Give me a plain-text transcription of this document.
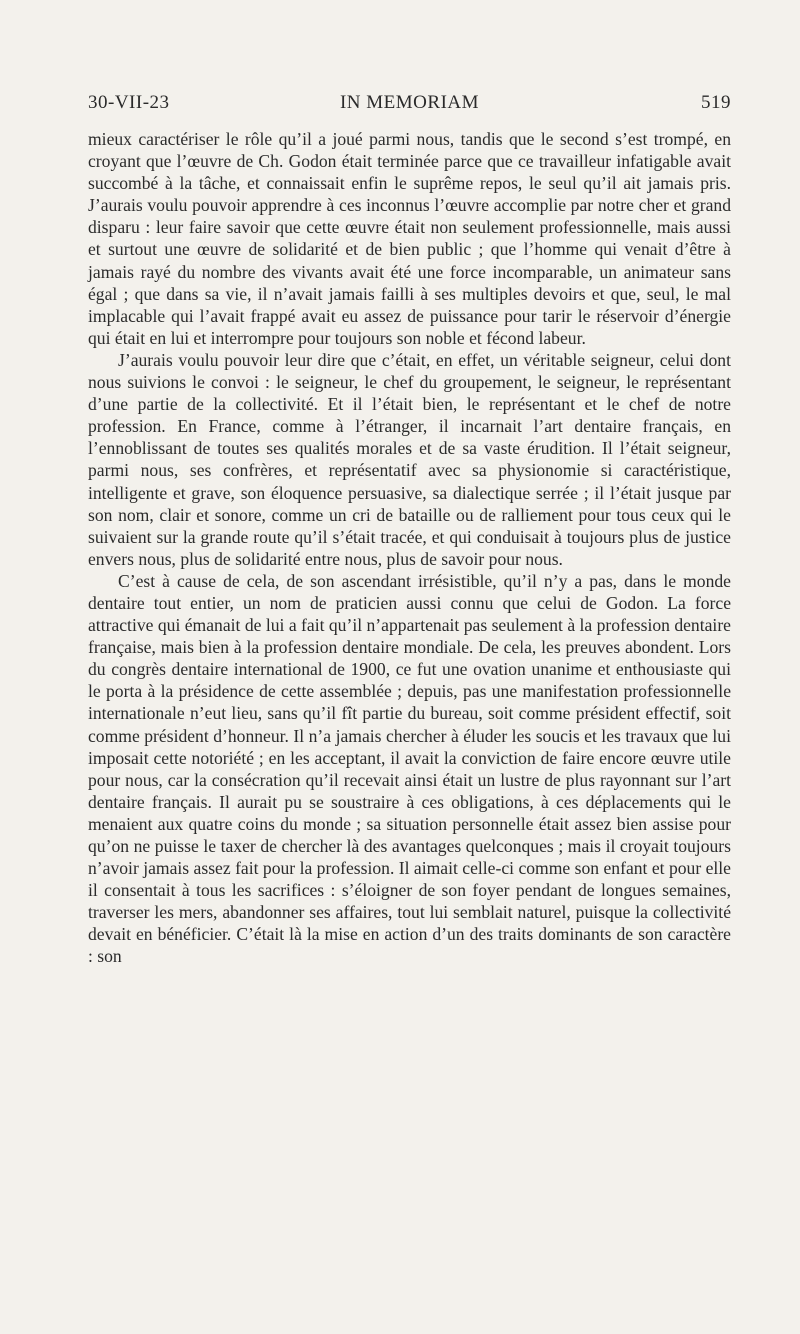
30-VII-23	IN MEMORIAM	519

mieux caractériser le rôle qu’il a joué parmi nous, tandis que le second s’est trompé, en croyant que l’œuvre de Ch. Godon était terminée parce que ce travailleur infatigable avait succombé à la tâche, et connaissait enfin le suprême repos, le seul qu’il ait jamais pris. J’aurais voulu pouvoir apprendre à ces inconnus l’œuvre accomplie par notre cher et grand disparu : leur faire savoir que cette œuvre était non seulement professionnelle, mais aussi et surtout une œuvre de solidarité et de bien public ; que l’homme qui venait d’être à jamais rayé du nombre des vivants avait été une force incomparable, un animateur sans égal ; que dans sa vie, il n’avait jamais failli à ses multiples devoirs et que, seul, le mal implacable qui l’avait frappé avait eu assez de puissance pour tarir le réservoir d’énergie qui était en lui et interrompre pour toujours son noble et fécond labeur.

J’aurais voulu pouvoir leur dire que c’était, en effet, un véritable seigneur, celui dont nous suivions le convoi : le seigneur, le chef du groupement, le seigneur, le représentant d’une partie de la collectivité. Et il l’était bien, le représentant et le chef de notre profession. En France, comme à l’étranger, il incarnait l’art dentaire français, en l’ennoblissant de toutes ses qualités morales et de sa vaste érudition. Il l’était seigneur, parmi nous, ses confrères, et représentatif avec sa physionomie si caractéristique, intelligente et grave, son éloquence persuasive, sa dialectique serrée ; il l’était jusque par son nom, clair et sonore, comme un cri de bataille ou de ralliement pour tous ceux qui le suivaient sur la grande route qu’il s’était tracée, et qui conduisait à toujours plus de justice envers nous, plus de solidarité entre nous, plus de savoir pour nous.

C’est à cause de cela, de son ascendant irrésistible, qu’il n’y a pas, dans le monde dentaire tout entier, un nom de praticien aussi connu que celui de Godon. La force attractive qui émanait de lui a fait qu’il n’appartenait pas seulement à la profession dentaire française, mais bien à la profession dentaire mondiale. De cela, les preuves abondent. Lors du congrès dentaire international de 1900, ce fut une ovation unanime et enthousiaste qui le porta à la présidence de cette assemblée ; depuis, pas une manifestation professionnelle internationale n’eut lieu, sans qu’il fît partie du bureau, soit comme président effectif, soit comme président d’honneur. Il n’a jamais chercher à éluder les soucis et les travaux que lui imposait cette notoriété ; en les acceptant, il avait la conviction de faire encore œuvre utile pour nous, car la consécration qu’il recevait ainsi était un lustre de plus rayonnant sur l’art dentaire français. Il aurait pu se soustraire à ces obligations, à ces déplacements qui le menaient aux quatre coins du monde ; sa situation personnelle était assez bien assise pour qu’on ne puisse le taxer de chercher là des avantages quelconques ; mais il croyait toujours n’avoir jamais assez fait pour la profession. Il aimait celle-ci comme son enfant et pour elle il consentait à tous les sacrifices : s’éloigner de son foyer pendant de longues semaines, traverser les mers, abandonner ses affaires, tout lui semblait naturel, puisque la collectivité devait en bénéficier. C’était là la mise en action d’un des traits dominants de son caractère : son
